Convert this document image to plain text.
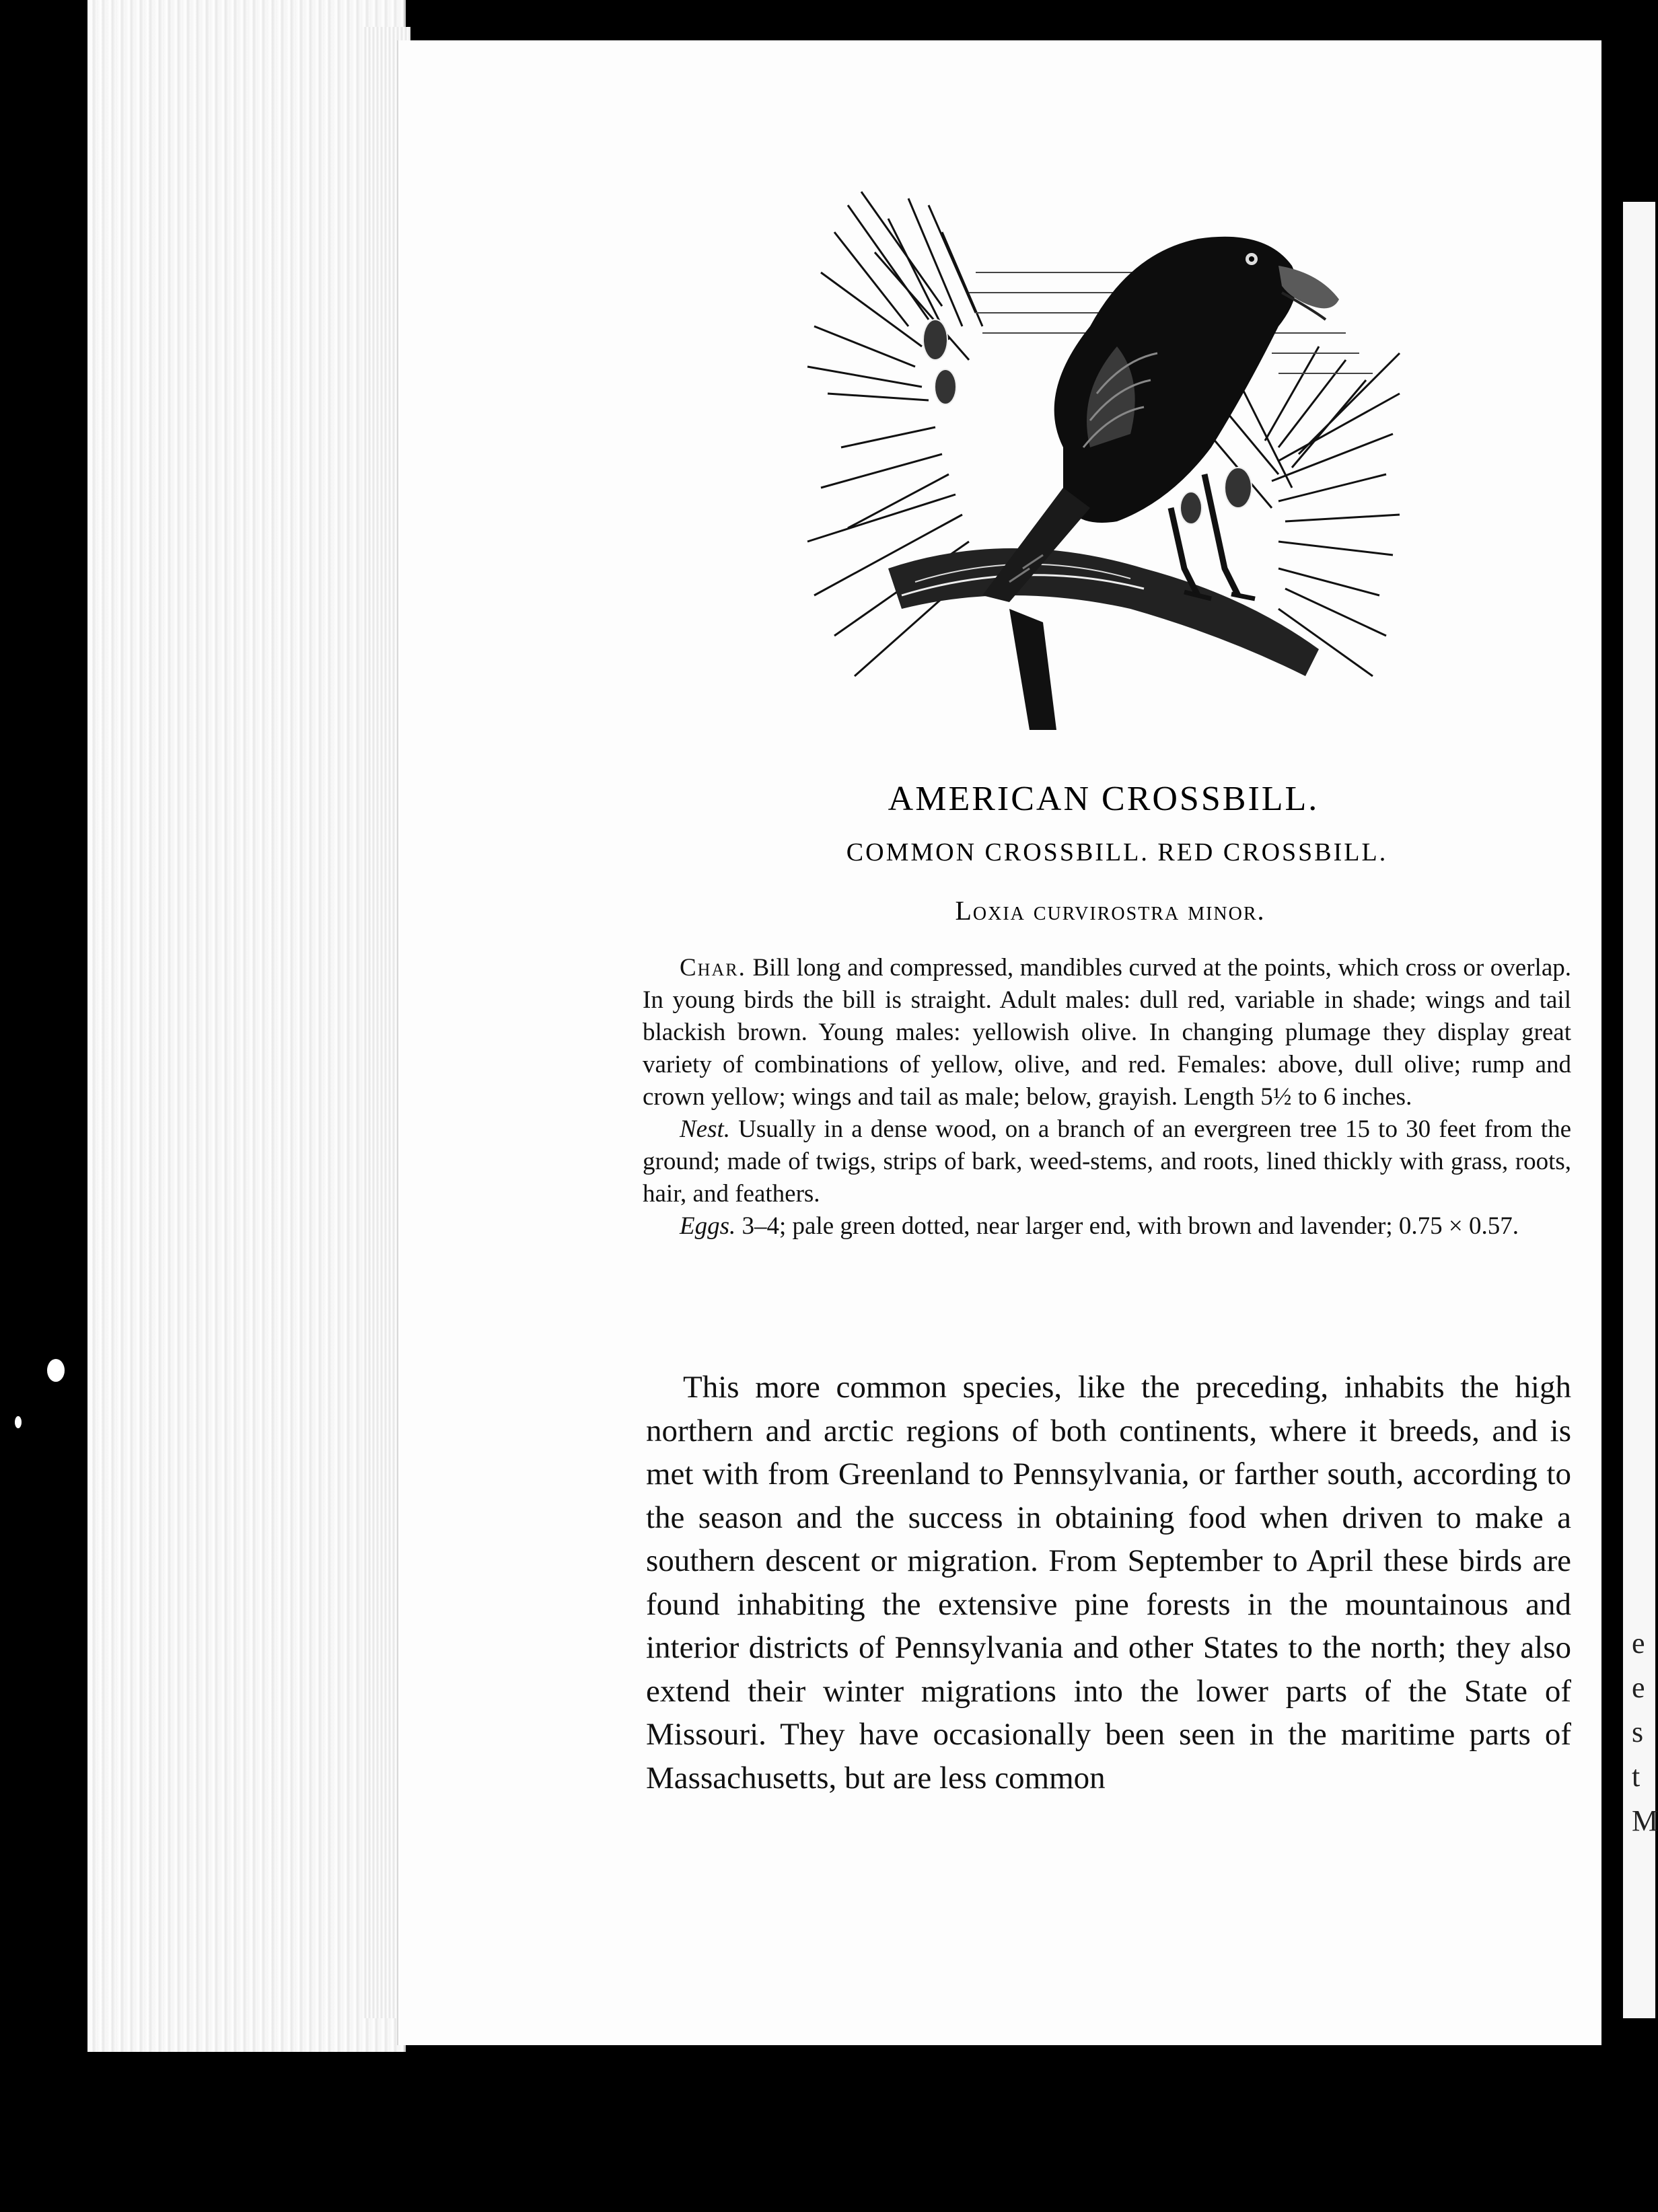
e
e
s
t
M
AMERICAN CROSSBILL.
COMMON CROSSBILL. RED CROSSBILL.
Loxia curvirostra minor.

Char. Bill long and compressed, mandibles curved at the points, which cross or overlap. In young birds the bill is straight. Adult males: dull red, variable in shade; wings and tail blackish brown. Young males: yellowish olive. In changing plumage they display great variety of combinations of yellow, olive, and red. Females: above, dull olive; rump and crown yellow; wings and tail as male; below, grayish. Length 5½ to 6 inches.

Nest. Usually in a dense wood, on a branch of an evergreen tree 15 to 30 feet from the ground; made of twigs, strips of bark, weed-stems, and roots, lined thickly with grass, roots, hair, and feathers.

Eggs. 3–4; pale green dotted, near larger end, with brown and lavender; 0.75 × 0.57.

This more common species, like the preceding, inhabits the high northern and arctic regions of both continents, where it breeds, and is met with from Greenland to Pennsylvania, or farther south, according to the season and the success in obtaining food when driven to make a southern descent or migration. From September to April these birds are found inhabiting the extensive pine forests in the mountainous and interior districts of Pennsylvania and other States to the north; they also extend their winter migrations into the lower parts of the State of Missouri. They have occasionally been seen in the maritime parts of Massachusetts, but are less common
